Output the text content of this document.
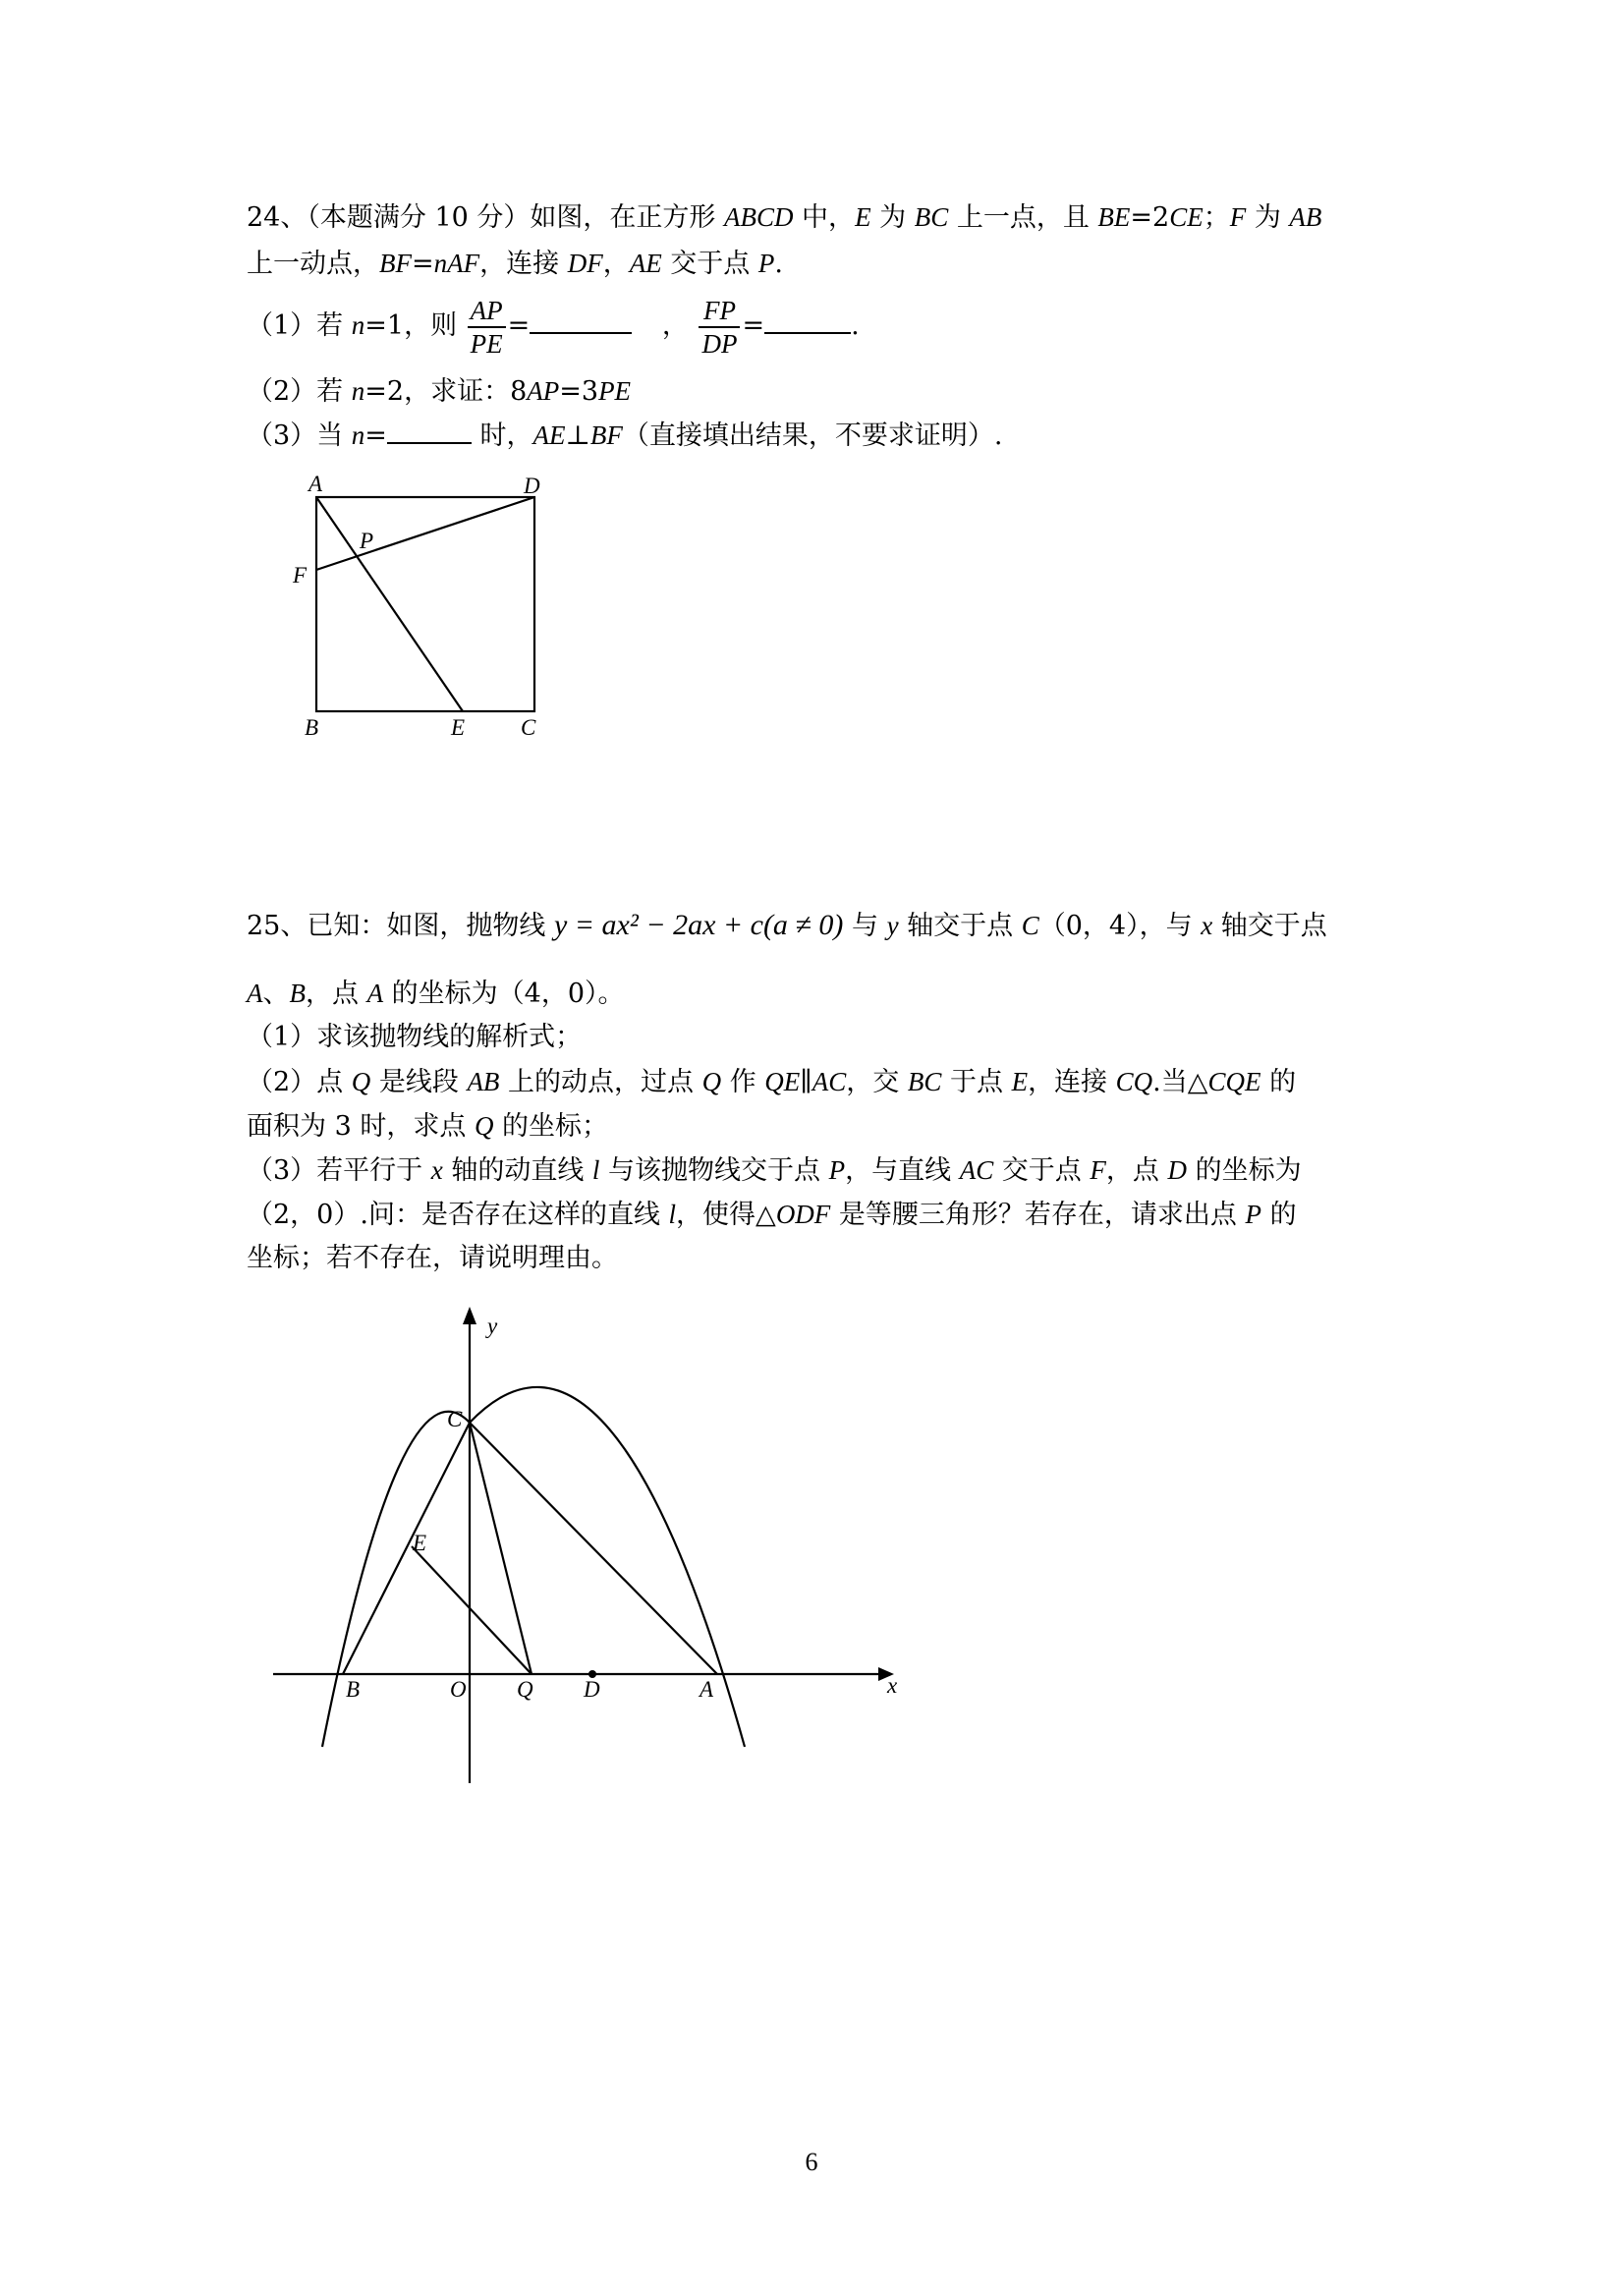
24、（本题满分 10 分）如图，在正方形 ABCD 中，E 为 BC 上一点，且 BE=2CE；F 为 AB
上一动点，BF=nAF，连接 DF，AE 交于点 P.
（1）若 n=1，则 $\frac{AP}{PE}$ =	， $\frac{FP}{DP}$ =	.
（2）若 n=2，求证：8AP=3PE
（3）当 n=	时，AE⊥BF（直接填出结果，不要求证明）.
25、已知：如图，抛物线 y = ax² − 2ax + c(a ≠ 0) 与 y 轴交于点 C（0，4），与 x 轴交于点
A、B，点 A 的坐标为（4，0）。
（1）求该抛物线的解析式；
（2）点 Q 是线段 AB 上的动点，过点 Q 作 QE∥AC，交 BC 于点 E，连接 CQ.当△CQE 的
面积为 3 时，求点 Q 的坐标；
（3）若平行于 x 轴的动直线 l 与该抛物线交于点 P，与直线 AC 交于点 F，点 D 的坐标为
（2，0）.问：是否存在这样的直线 l，使得△ODF 是等腰三角形？若存在，请求出点 P 的
坐标；若不存在，请说明理由。
A	D
P
F
B	E C
y
x
C
E
B	O Q D	A
6
